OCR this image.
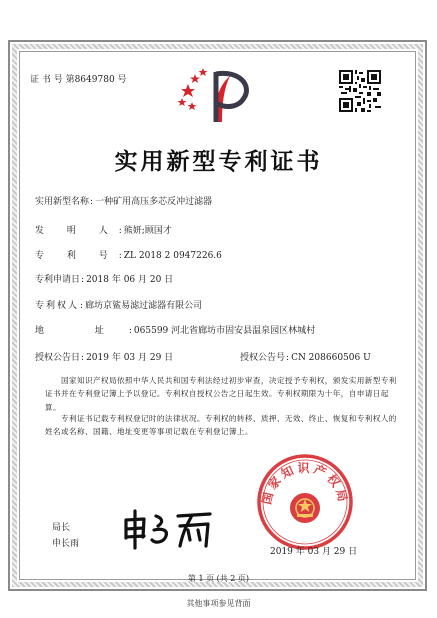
证 书 号 第8649780 号
实用新型专利证书
实用新型名称: 一种矿用高压多芯反冲过滤器
发 明 人: 熊妍;顾国才
专 利 号: ZL 2018 2 0947226.6
专利申请日: 2018 年 06 月 20 日
专利权人: 廊坊京鲨易滤过滤器有限公司
地 址: 065599 河北省廊坊市固安县温泉园区林城村
授权公告日: 2019 年 03 月 29 日	授权公告号: CN 208660506 U
国家知识产权局依照中华人民共和国专利法经过初步审查，决定授予专利权，颁发实用新型专利证书并在专利登记簿上予以登记。专利权自授权公告之日起生效。专利权期限为十年，自申请日起算。
专利证书记载专利权登记时的法律状况。专利权的转移、质押、无效、终止、恢复和专利权人的姓名或名称、国籍、地址变更等事项记载在专利登记簿上。
局长
申长雨
国家知识产权局
2019 年 03 月 29 日
第 1 页 (共 2 页)
其他事项参见背面
